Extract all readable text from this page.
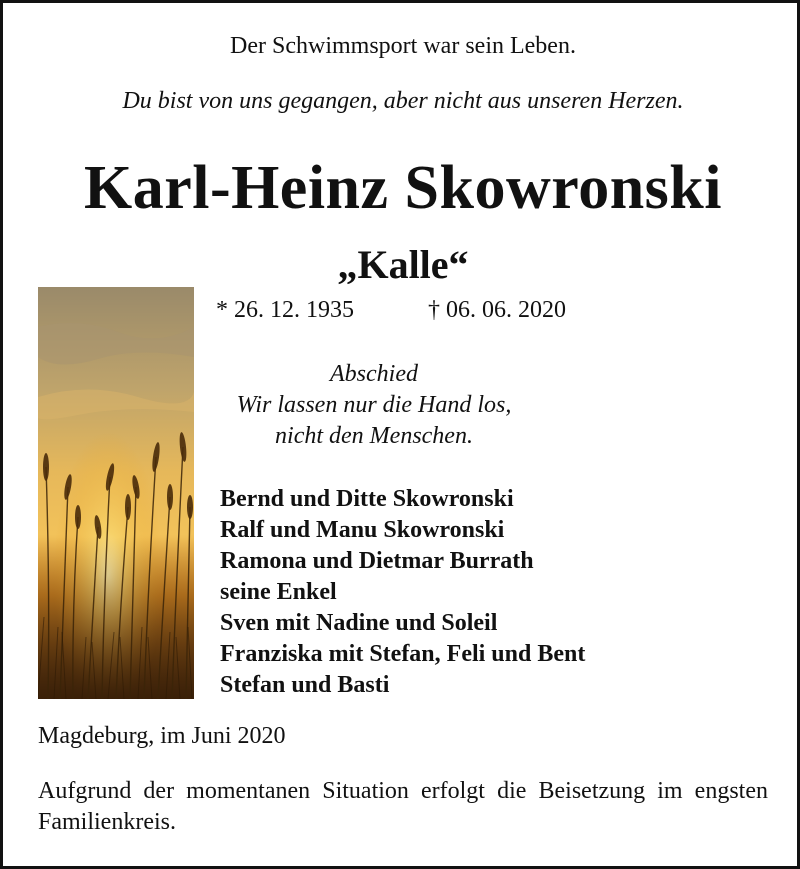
Der Schwimmsport war sein Leben.
Du bist von uns gegangen, aber nicht aus unseren Herzen.
Karl-Heinz Skowronski
„Kalle“
* 26. 12. 1935	† 06. 06. 2020
Abschied
Wir lassen nur die Hand los,
nicht den Menschen.
Bernd und Ditte Skowronski
Ralf und Manu Skowronski
Ramona und Dietmar Burrath
seine Enkel
Sven mit Nadine und Soleil
Franziska mit Stefan, Feli und Bent
Stefan und Basti
Magdeburg, im Juni 2020
Aufgrund der momentanen Situation erfolgt die Beisetzung im engsten Familienkreis.
